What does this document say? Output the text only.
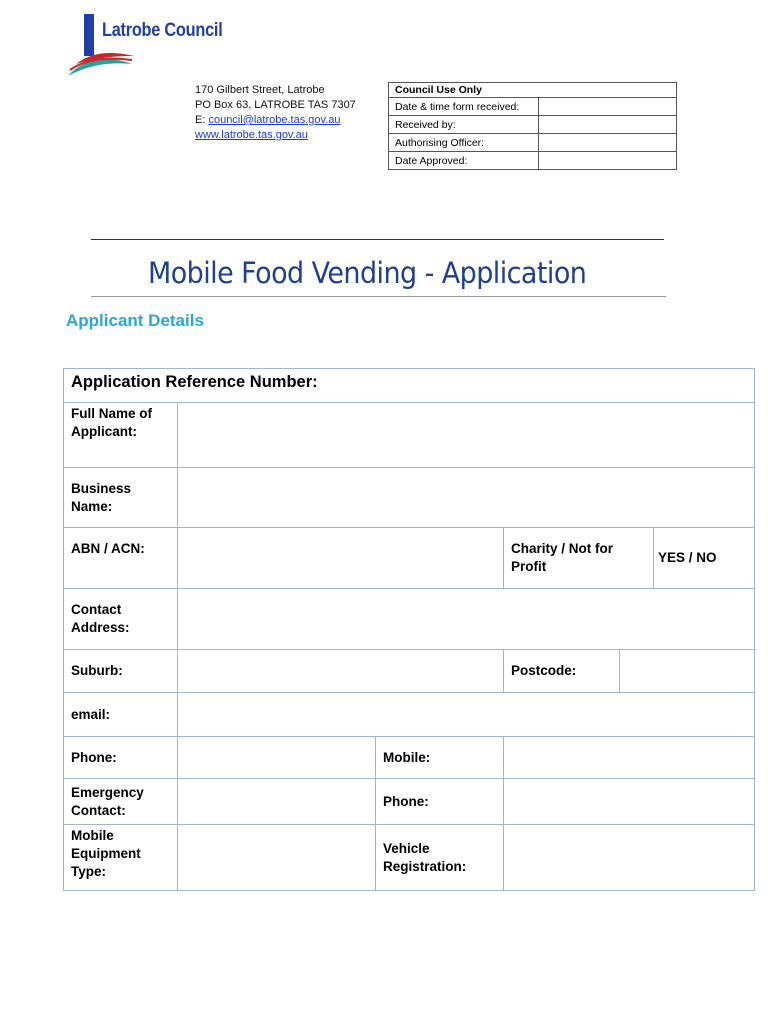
Latrobe Council
170 Gilbert Street, Latrobe
PO Box 63, LATROBE TAS 7307
E: council@latrobe.tas.gov.au
www.latrobe.tas.gov.au
Council Use Only	
Date & time form received:	
Received by:	
Authorising Officer:	
Date Approved:	
Mobile Food Vending - Application
Applicant Details
Application Reference Number:					
Full Name of Applicant:					
Business Name:					
ABN / ACN:			Charity / Not for Profit		YES / NO
Contact Address:					
Suburb:			Postcode:		

email:					
Phone:		Mobile:			
Emergency Contact:		Phone:			
Mobile Equipment Type:		Vehicle Registration:			
